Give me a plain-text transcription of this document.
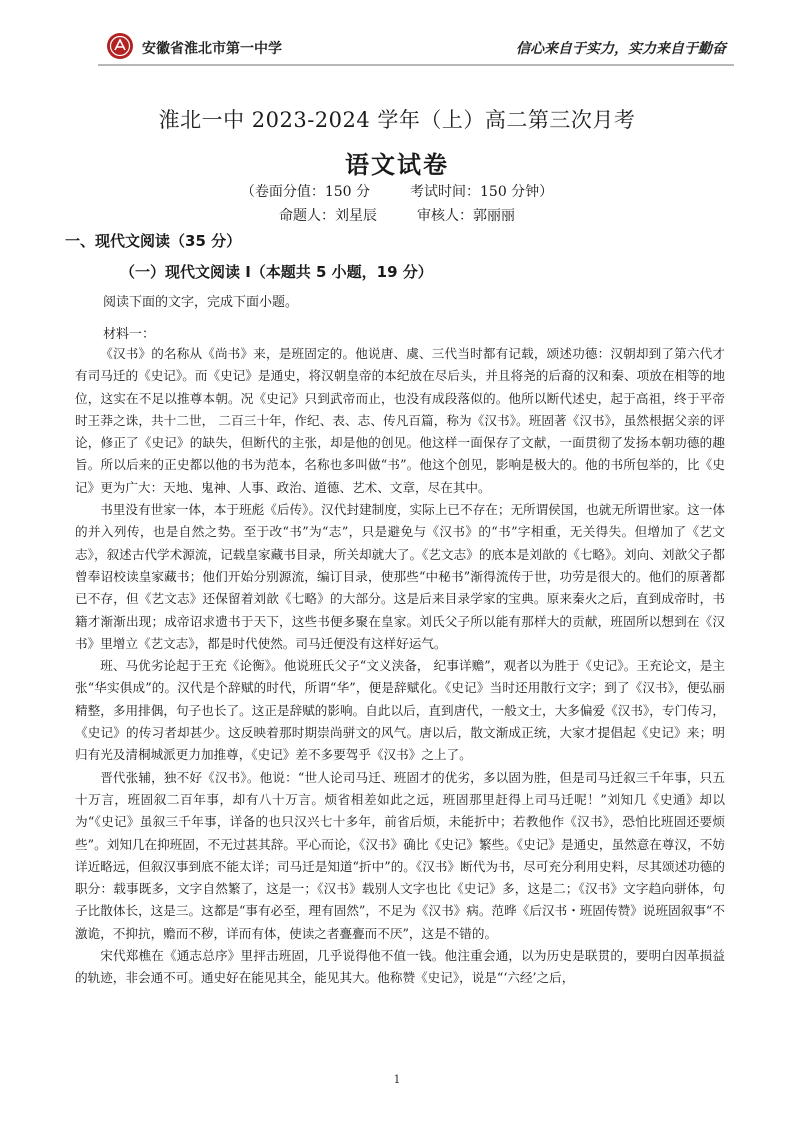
安徽省淮北市第一中学	信心来自于实力，实力来自于勤奋
淮北一中 2023-2024 学年（上）高二第三次月考
语文试卷
（卷面分值：150 分	考试时间：150 分钟）
命题人：刘星辰	审核人：郭丽丽
一、现代文阅读（35 分）
（一）现代文阅读 I（本题共 5 小题，19 分）
阅读下面的文字，完成下面小题。
材料一：

《汉书》的名称从《尚书》来，是班固定的。他说唐、虞、三代当时都有记载，颂述功德：汉朝却到了第六代才有司马迁的《史记》。而《史记》是通史，将汉朝皇帝的本纪放在尽后头，并且将尧的后裔的汉和秦、项放在相等的地位，这实在不足以推尊本朝。况《史记》只到武帝而止，也没有成段落似的。他所以断代述史，起于高祖，终于平帝时王莽之诛，共十二世， 二百三十年，作纪、表、志、传凡百篇，称为《汉书》。班固著《汉书》，虽然根据父亲的评论，修正了《史记》的缺失，但断代的主张，却是他的创见。他这样一面保存了文献，一面贯彻了发扬本朝功德的趣旨。所以后来的正史都以他的书为范本，名称也多叫做“书”。他这个创见，影响是极大的。他的书所包举的，比《史记》更为广大：天地、鬼神、人事、政治、道德、艺术、文章，尽在其中。

书里没有世家一体，本于班彪《后传》。汉代封建制度，实际上已不存在；无所谓侯国，也就无所谓世家。这一体的并入列传，也是自然之势。至于改“书”为“志”，只是避免与《汉书》的“书”字相重，无关得失。但增加了《艺文志》，叙述古代学术源流，记载皇家藏书目录，所关却就大了。《艺文志》的底本是刘歆的《七略》。刘向、刘歆父子都曾奉诏校读皇家藏书；他们开始分别源流，编订目录，使那些“中秘书”渐得流传于世，功劳是很大的。他们的原著都已不存，但《艺文志》还保留着刘歆《七略》的大部分。这是后来目录学家的宝典。原来秦火之后，直到成帝时，书籍才渐渐出现；成帝诏求遗书于天下，这些书便多聚在皇家。刘氏父子所以能有那样大的贡献，班固所以想到在《汉书》里增立《艺文志》，都是时代使然。司马迁便没有这样好运气。

班、马优劣论起于王充《论衡》。他说班氏父子“文义浃备， 纪事详赡”，观者以为胜于《史记》。王充论文，是主张“华实俱成”的。汉代是个辞赋的时代，所谓“华”，便是辞赋化。《史记》当时还用散行文字；到了《汉书》，便弘丽精整，多用排偶，句子也长了。这正是辞赋的影响。自此以后，直到唐代，一般文士，大多偏爱《汉书》，专门传习，《史记》的传习者却甚少。这反映着那时期崇尚骈文的风气。唐以后，散文渐成正统，大家才提倡起《史记》来；明归有光及清桐城派更力加推尊，《史记》差不多要驾乎《汉书》之上了。

晋代张辅，独不好《汉书》。他说：“世人论司马迁、班固才的优劣，多以固为胜，但是司马迁叙三千年事，只五十万言，班固叙二百年事，却有八十万言。烦省相差如此之远，班固那里赶得上司马迁呢！”刘知几《史通》却以为“《史记》虽叙三千年事，详备的也只汉兴七十多年，前省后烦，未能折中；若教他作《汉书》，恐怕比班固还要烦些”。刘知几在抑班固，不无过甚其辞。平心而论，《汉书》确比《史记》繁些。《史记》是通史，虽然意在尊汉，不妨详近略远，但叙汉事到底不能太详；司马迁是知道“折中”的。《汉书》断代为书，尽可充分利用史料，尽其颂述功德的职分：载事既多，文字自然繁了，这是一；《汉书》载别人文字也比《史记》多，这是二；《汉书》文字趋向骈体，句子比散体长，这是三。这都是“事有必至，理有固然”，不足为《汉书》病。范晔《后汉书・班固传赞》说班固叙事“不激诡，不抑抗，赡而不秽，详而有体，使读之者亹亹而不厌”，这是不错的。

宋代郑樵在《通志总序》里抨击班固，几乎说得他不值一钱。他注重会通，以为历史是联贯的，要明白因革损益的轨迹，非会通不可。通史好在能见其全，能见其大。他称赞《史记》，说是“‘六经’之后，

1
